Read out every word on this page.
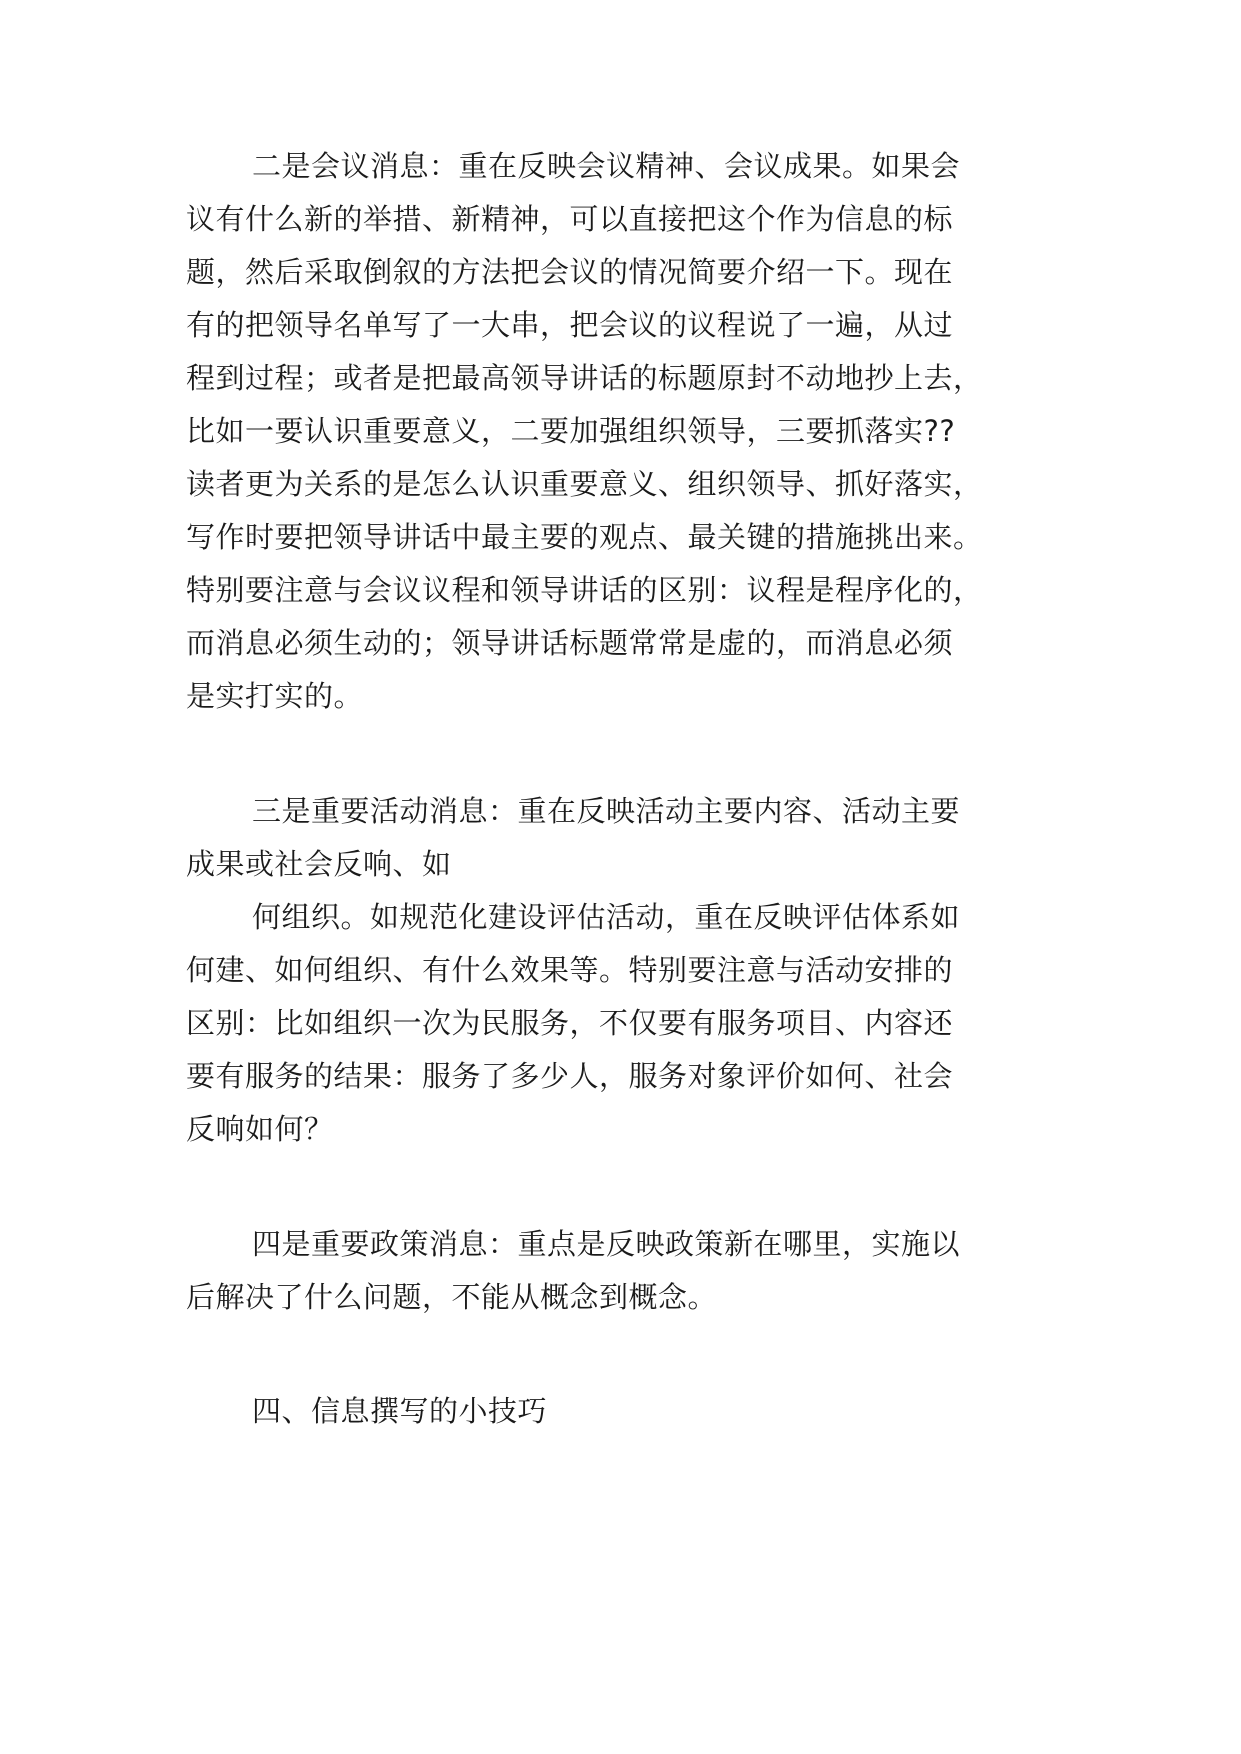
二是会议消息：重在反映会议精神、会议成果。如果会
议有什么新的举措、新精神，可以直接把这个作为信息的标
题，然后采取倒叙的方法把会议的情况简要介绍一下。现在
有的把领导名单写了一大串，把会议的议程说了一遍，从过
程到过程；或者是把最高领导讲话的标题原封不动地抄上去，
比如一要认识重要意义，二要加强组织领导，三要抓落实??
读者更为关系的是怎么认识重要意义、组织领导、抓好落实，
写作时要把领导讲话中最主要的观点、最关键的措施挑出来。
特别要注意与会议议程和领导讲话的区别：议程是程序化的，
而消息必须生动的；领导讲话标题常常是虚的，而消息必须
是实打实的。
三是重要活动消息：重在反映活动主要内容、活动主要
成果或社会反响、如
何组织。如规范化建设评估活动，重在反映评估体系如
何建、如何组织、有什么效果等。特别要注意与活动安排的
区别：比如组织一次为民服务，不仅要有服务项目、内容还
要有服务的结果：服务了多少人，服务对象评价如何、社会
反响如何？
四是重要政策消息：重点是反映政策新在哪里，实施以
后解决了什么问题，不能从概念到概念。
四、信息撰写的小技巧
